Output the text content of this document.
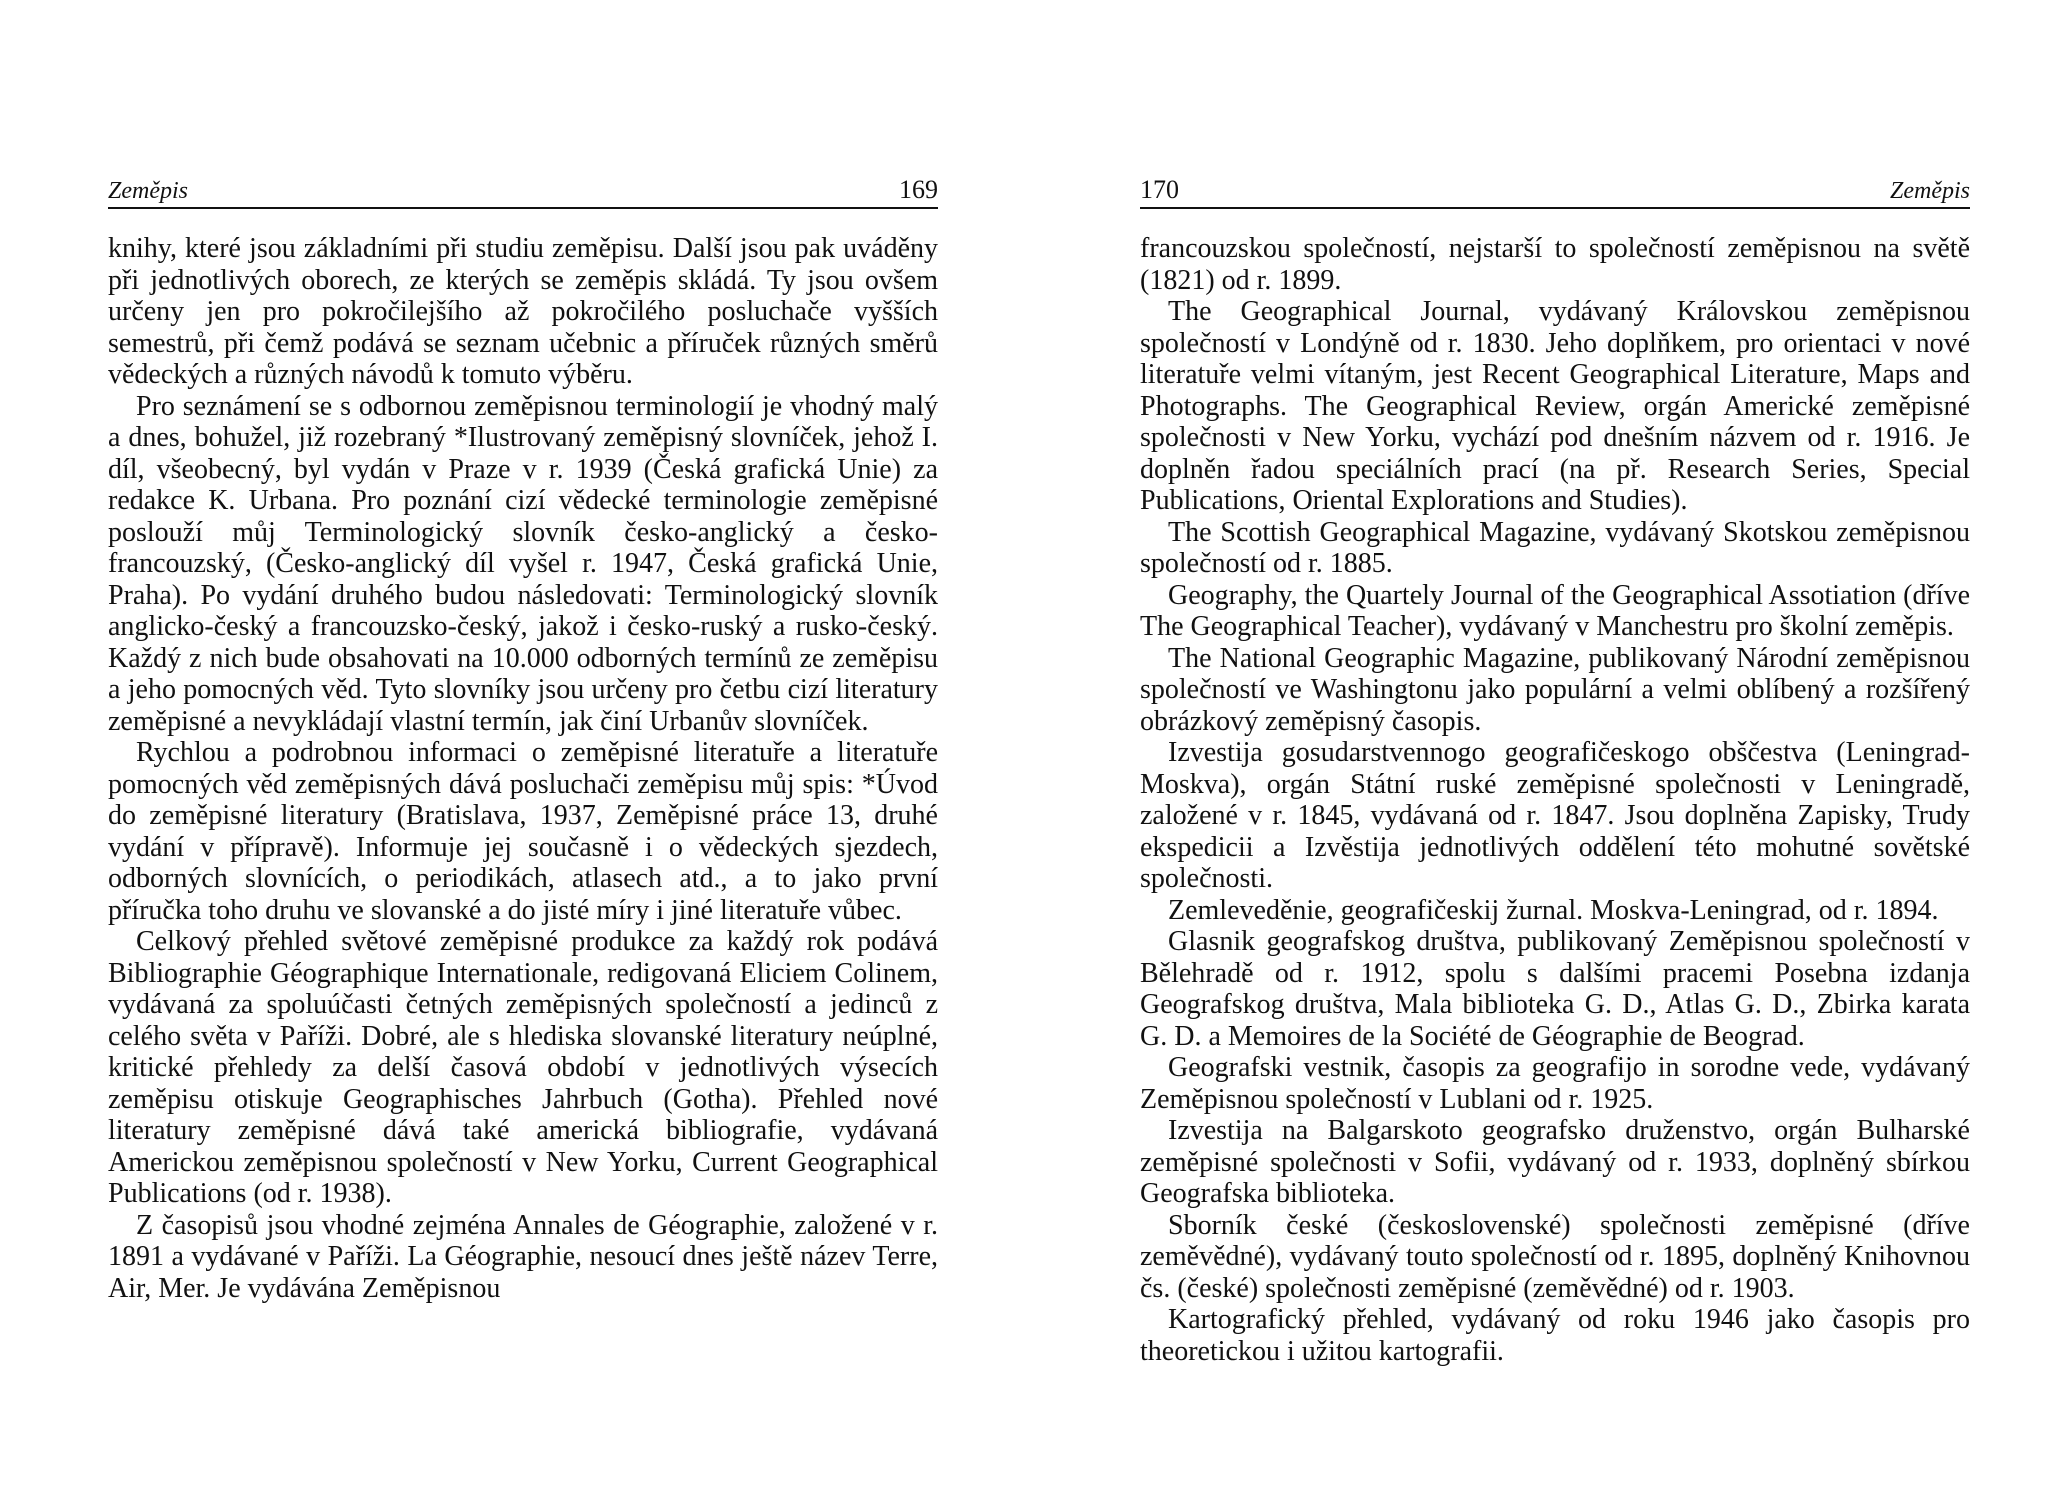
Zeměpis	169

knihy, které jsou základními při studiu zeměpisu. Další jsou pak uváděny při jednotlivých oborech, ze kterých se zeměpis skládá. Ty jsou ovšem určeny jen pro pokročilejšího až pokročilého posluchače vyšších semestrů, při čemž podává se seznam učebnic a příruček různých směrů vědeckých a různých návodů k tomuto výběru.

Pro seznámení se s odbornou zeměpisnou terminologií je vhodný malý a dnes, bohužel, již rozebraný *Ilustrovaný zeměpisný slovníček, jehož I. díl, všeobecný, byl vydán v Praze v r. 1939 (Česká grafická Unie) za redakce K. Urbana. Pro poznání cizí vědecké terminologie zeměpisné poslouží můj Terminologický slovník česko-anglický a česko-francouzský, (Česko-anglický díl vyšel r. 1947, Česká grafická Unie, Praha). Po vydání druhého budou následovati: Terminologický slovník anglicko-český a francouzsko-český, jakož i česko-ruský a rusko-český. Každý z nich bude obsahovati na 10.000 odborných termínů ze zeměpisu a jeho pomocných věd. Tyto slovníky jsou určeny pro četbu cizí literatury zeměpisné a nevykládají vlastní termín, jak činí Urbanův slovníček.

Rychlou a podrobnou informaci o zeměpisné literatuře a literatuře pomocných věd zeměpisných dává posluchači zeměpisu můj spis: *Úvod do zeměpisné literatury (Bratislava, 1937, Zeměpisné práce 13, druhé vydání v přípravě). Informuje jej současně i o vědeckých sjezdech, odborných slovnících, o periodikách, atlasech atd., a to jako první příručka toho druhu ve slovanské a do jisté míry i jiné literatuře vůbec.

Celkový přehled světové zeměpisné produkce za každý rok podává Bibliographie Géographique Internationale, redigovaná Eliciem Colinem, vydávaná za spoluúčasti četných zeměpisných společností a jedinců z celého světa v Paříži. Dobré, ale s hlediska slovanské literatury neúplné, kritické přehledy za delší časová období v jednotlivých výsecích zeměpisu otiskuje Geographisches Jahrbuch (Gotha). Přehled nové literatury zeměpisné dává také americká bibliografie, vydávaná Americkou zeměpisnou společností v New Yorku, Current Geographical Publications (od r. 1938).

Z časopisů jsou vhodné zejména Annales de Géographie, založené v r. 1891 a vydávané v Paříži. La Géographie, nesoucí dnes ještě název Terre, Air, Mer. Je vydávána Zeměpisnou

170	Zeměpis

francouzskou společností, nejstarší to společností zeměpisnou na světě (1821) od r. 1899.

The Geographical Journal, vydávaný Královskou zeměpisnou společností v Londýně od r. 1830. Jeho doplňkem, pro orientaci v nové literatuře velmi vítaným, jest Recent Geographical Literature, Maps and Photographs. The Geographical Review, orgán Americké zeměpisné společnosti v New Yorku, vychází pod dnešním názvem od r. 1916. Je doplněn řadou speciálních prací (na př. Research Series, Special Publications, Oriental Explorations and Studies).

The Scottish Geographical Magazine, vydávaný Skotskou zeměpisnou společností od r. 1885.

Geography, the Quartely Journal of the Geographical Assotiation (dříve The Geographical Teacher), vydávaný v Manchestru pro školní zeměpis.

The National Geographic Magazine, publikovaný Národní zeměpisnou společností ve Washingtonu jako populární a velmi oblíbený a rozšířený obrázkový zeměpisný časopis.

Izvestija gosudarstvennogo geografičeskogo obščestva (Leningrad-Moskva), orgán Státní ruské zeměpisné společnosti v Leningradě, založené v r. 1845, vydávaná od r. 1847. Jsou doplněna Zapisky, Trudy ekspedicii a Izvěstija jednotlivých oddělení této mohutné sovětské společnosti.

Zemleveděnie, geografičeskij žurnal. Moskva-Leningrad, od r. 1894.

Glasnik geografskog društva, publikovaný Zeměpisnou společností v Bělehradě od r. 1912, spolu s dalšími pracemi Posebna izdanja Geografskog društva, Mala biblioteka G. D., Atlas G. D., Zbirka karata G. D. a Memoires de la Société de Géographie de Beograd.

Geografski vestnik, časopis za geografijo in sorodne vede, vydávaný Zeměpisnou společností v Lublani od r. 1925.

Izvestija na Balgarskoto geografsko druženstvo, orgán Bulharské zeměpisné společnosti v Sofii, vydávaný od r. 1933, doplněný sbírkou Geografska biblioteka.

Sborník české (československé) společnosti zeměpisné (dříve zeměvědné), vydávaný touto společností od r. 1895, doplněný Knihovnou čs. (české) společnosti zeměpisné (zeměvědné) od r. 1903.

Kartografický přehled, vydávaný od roku 1946 jako časopis pro theoretickou i užitou kartografii.
